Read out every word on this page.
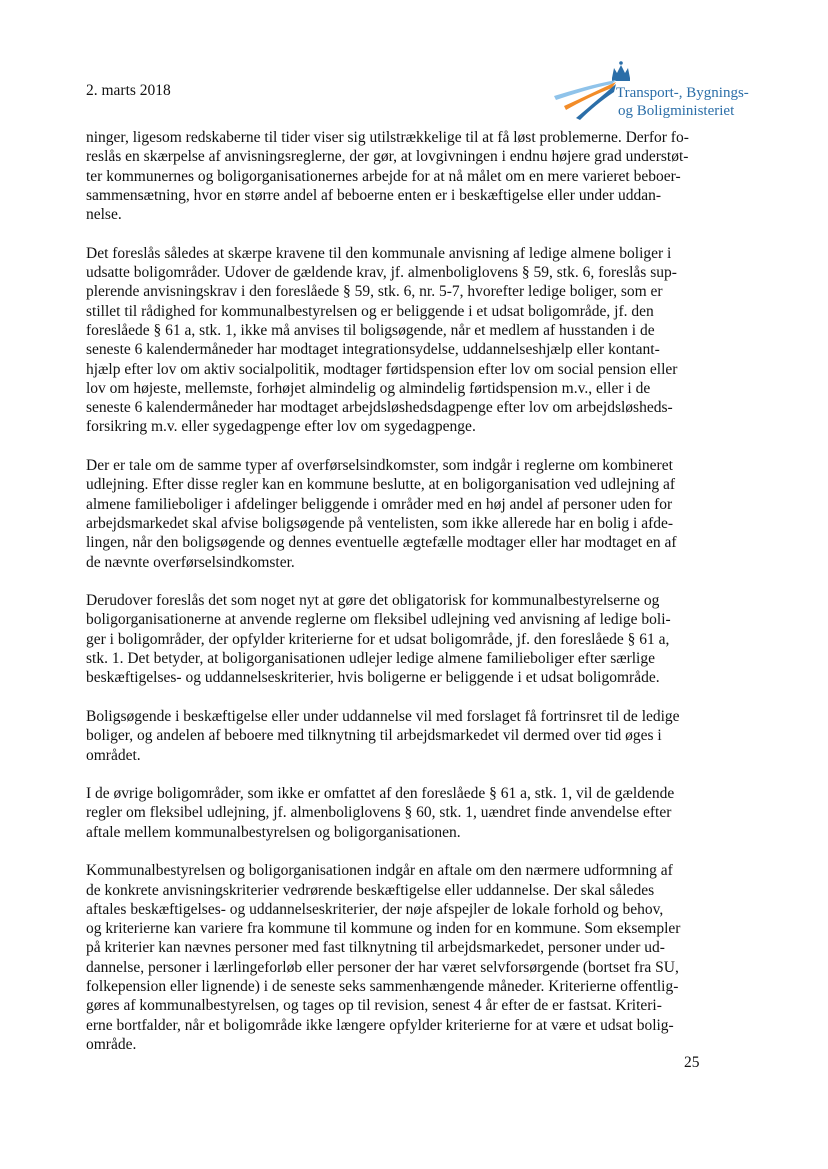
2. marts 2018	Transport-, Bygnings-
og Boligministeriet

ninger, ligesom redskaberne til tider viser sig utilstrækkelige til at få løst problemerne. Derfor fo-
reslås en skærpelse af anvisningsreglerne, der gør, at lovgivningen i endnu højere grad understøt-
ter kommunernes og boligorganisationernes arbejde for at nå målet om en mere varieret beboer-
sammensætning, hvor en større andel af beboerne enten er i beskæftigelse eller under uddan-
nelse.

Det foreslås således at skærpe kravene til den kommunale anvisning af ledige almene boliger i
udsatte boligområder. Udover de gældende krav, jf. almenboliglovens § 59, stk. 6, foreslås sup-
plerende anvisningskrav i den foreslåede § 59, stk. 6, nr. 5-7, hvorefter ledige boliger, som er
stillet til rådighed for kommunalbestyrelsen og er beliggende i et udsat boligområde, jf. den
foreslåede § 61 a, stk. 1, ikke må anvises til boligsøgende, når et medlem af husstanden i de
seneste 6 kalendermåneder har modtaget integrationsydelse, uddannelseshjælp eller kontant-
hjælp efter lov om aktiv socialpolitik, modtager førtidspension efter lov om social pension eller
lov om højeste, mellemste, forhøjet almindelig og almindelig førtidspension m.v., eller i de
seneste 6 kalendermåneder har modtaget arbejdsløshedsdagpenge efter lov om arbejdsløsheds-
forsikring m.v. eller sygedagpenge efter lov om sygedagpenge.

Der er tale om de samme typer af overførselsindkomster, som indgår i reglerne om kombineret
udlejning. Efter disse regler kan en kommune beslutte, at en boligorganisation ved udlejning af
almene familieboliger i afdelinger beliggende i områder med en høj andel af personer uden for
arbejdsmarkedet skal afvise boligsøgende på ventelisten, som ikke allerede har en bolig i afde-
lingen, når den boligsøgende og dennes eventuelle ægtefælle modtager eller har modtaget en af
de nævnte overførselsindkomster.

Derudover foreslås det som noget nyt at gøre det obligatorisk for kommunalbestyrelserne og
boligorganisationerne at anvende reglerne om fleksibel udlejning ved anvisning af ledige boli-
ger i boligområder, der opfylder kriterierne for et udsat boligområde, jf. den foreslåede § 61 a,
stk. 1. Det betyder, at boligorganisationen udlejer ledige almene familieboliger efter særlige
beskæftigelses- og uddannelseskriterier, hvis boligerne er beliggende i et udsat boligområde.

Boligsøgende i beskæftigelse eller under uddannelse vil med forslaget få fortrinsret til de ledige
boliger, og andelen af beboere med tilknytning til arbejdsmarkedet vil dermed over tid øges i
området.

I de øvrige boligområder, som ikke er omfattet af den foreslåede § 61 a, stk. 1, vil de gældende
regler om fleksibel udlejning, jf. almenboliglovens § 60, stk. 1, uændret finde anvendelse efter
aftale mellem kommunalbestyrelsen og boligorganisationen.

Kommunalbestyrelsen og boligorganisationen indgår en aftale om den nærmere udformning af
de konkrete anvisningskriterier vedrørende beskæftigelse eller uddannelse. Der skal således
aftales beskæftigelses- og uddannelseskriterier, der nøje afspejler de lokale forhold og behov,
og kriterierne kan variere fra kommune til kommune og inden for en kommune. Som eksempler
på kriterier kan nævnes personer med fast tilknytning til arbejdsmarkedet, personer under ud-
dannelse, personer i lærlingeforløb eller personer der har været selvforsørgende (bortset fra SU,
folkepension eller lignende) i de seneste seks sammenhængende måneder. Kriterierne offentlig-
gøres af kommunalbestyrelsen, og tages op til revision, senest 4 år efter de er fastsat. Kriteri-
erne bortfalder, når et boligområde ikke længere opfylder kriterierne for at være et udsat bolig-
område.

25
